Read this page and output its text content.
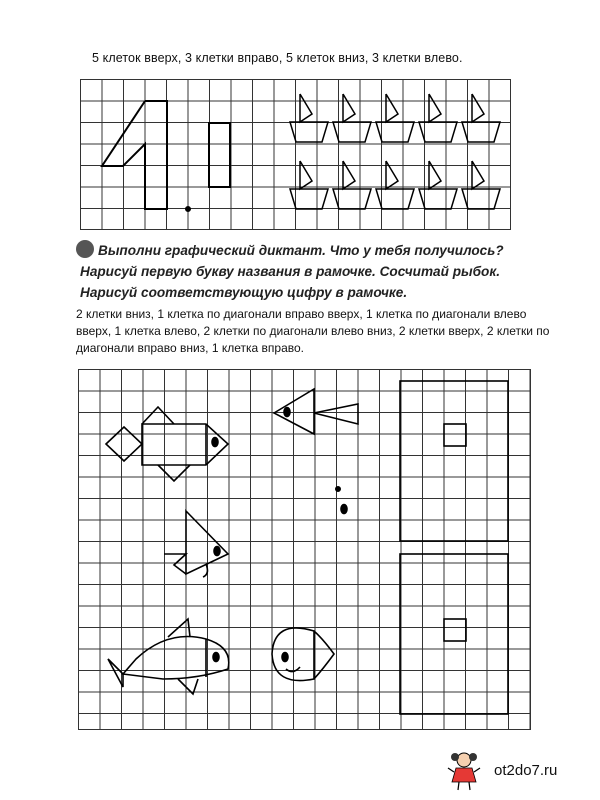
5 клеток вверх, 3 клетки вправо, 5 клеток вниз, 3 клетки влево.
Выполни графический диктант. Что у тебя получилось? Нарисуй первую букву названия в рамочке. Сосчитай рыбок. Нарисуй соответствующую цифру в рамочке.
2 клетки вниз, 1 клетка по диагонали вправо вверх, 1 клетка по диагонали влево вверх, 1 клетка влево, 2 клетки по диагонали влево вниз, 2 клетки вверх, 2 клетки по диагонали вправо вниз, 1 клетка вправо.
ot2do7.ru
